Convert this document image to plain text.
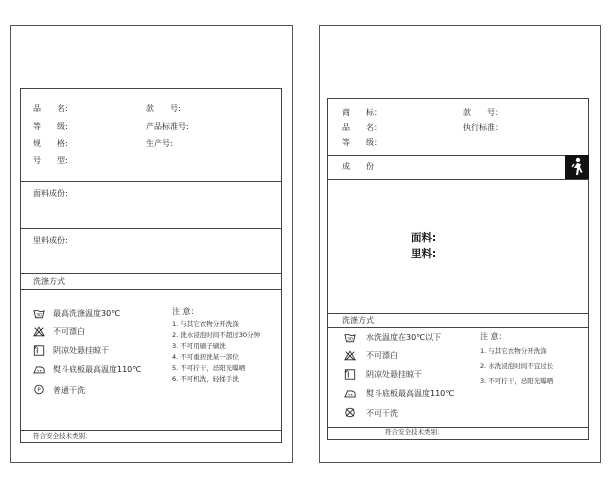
品　　名:
等　　级:
规　　格:
号　　型:
款　　号:
产品标准号:
生产号:
面料成份:
里料成份:
洗涤方式
30 最高洗涤温度30℃
不可漂白
阴凉处悬挂晾干
熨斗底板最高温度110℃
P 普通干洗
注 意：
1. 与其它衣物分开洗涤
2. 洗水浸泡时间不超过30分钟
3. 不可用刷子刷洗
4. 不可重搓洗某一部位
5. 不可拧干，忌阳光曝晒
6. 不可机洗，轻揉手洗
符合安全技术类别：
商　　标：
品　　名：
等　　级：
款　　号：
执行标准：
成　　份
面料:
里料:
洗涤方式
30 水洗温度在30℃以下
不可漂白
阴凉处悬挂晾干
熨斗底板最高温度110℃
不可干洗
注 意：
1. 与其它衣物分开洗涤
2. 水洗浸泡时间不宜过长
3. 不可拧干，忌阳光曝晒
符合安全技术类别：
